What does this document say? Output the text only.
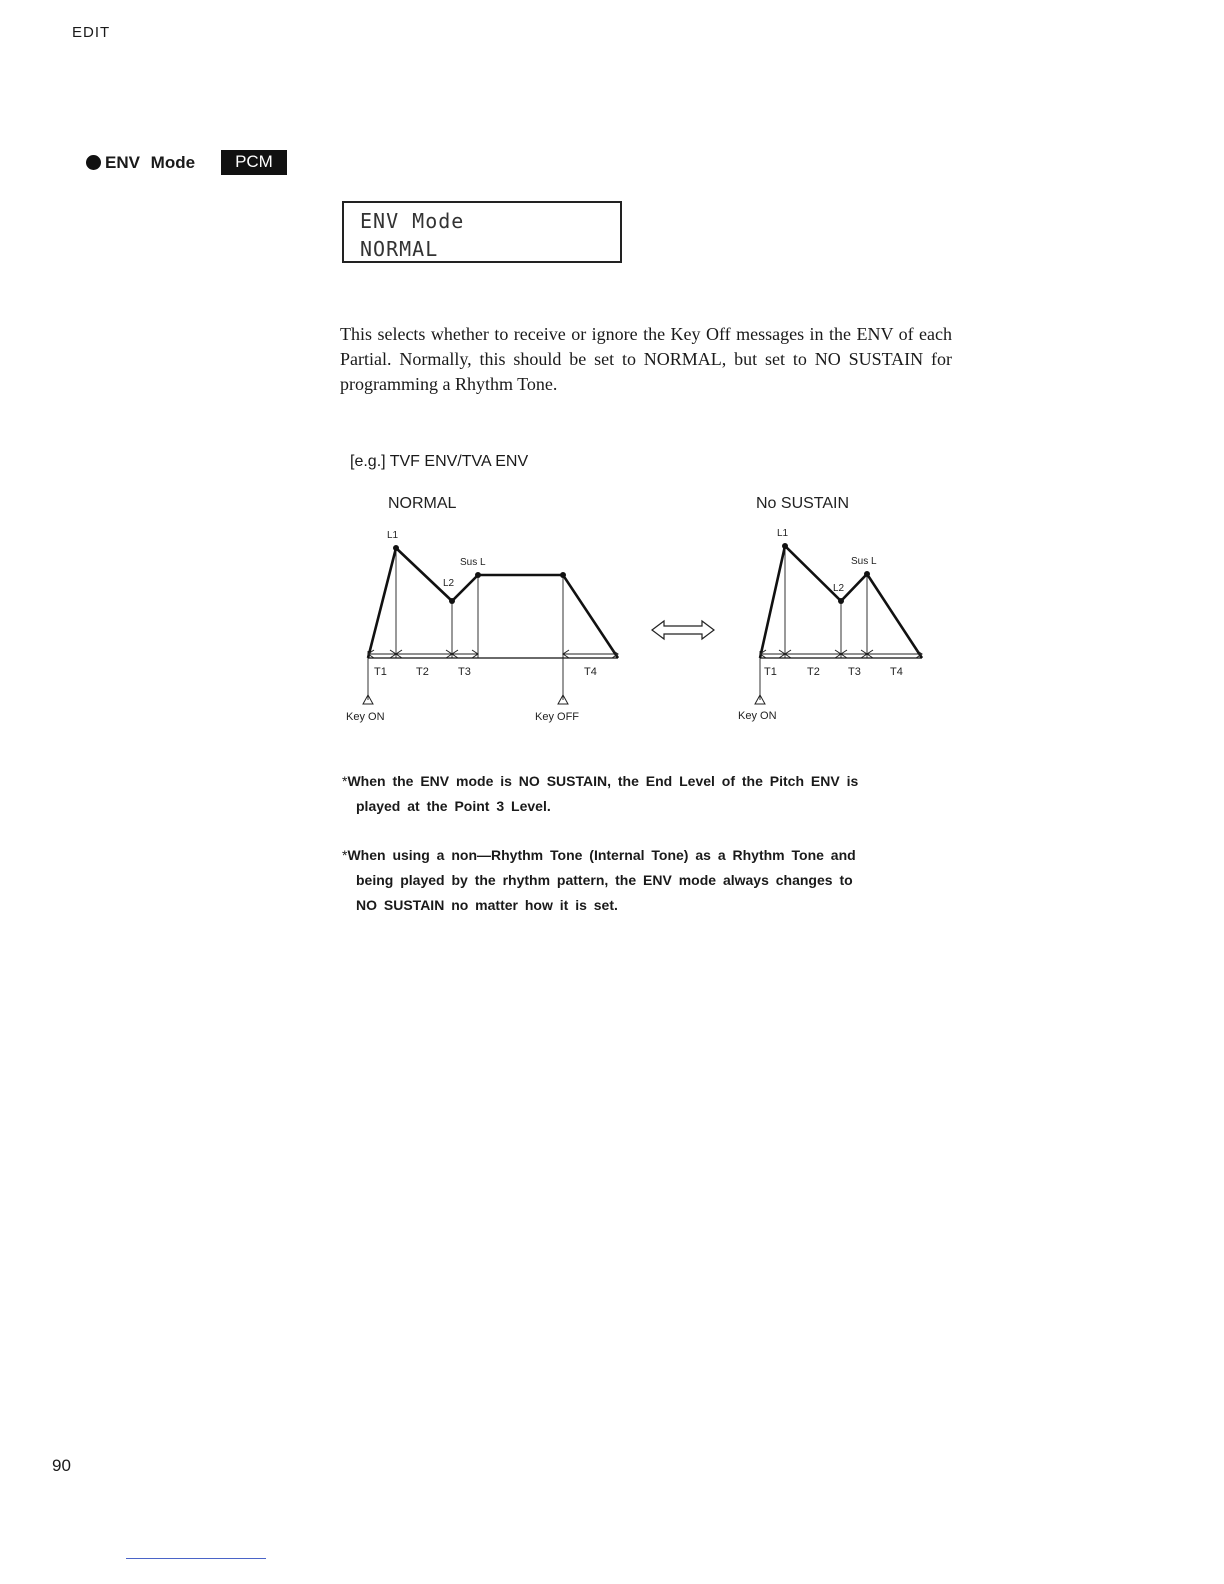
EDIT
ENV Mode	PCM
ENV Mode
NORMAL
This selects whether to receive or ignore the Key Off messages in the ENV of each Partial. Normally, this should be set to NORMAL, but set to NO SUSTAIN for programming a Rhythm Tone.
[e.g.] TVF ENV/TVA ENV
NORMAL
L1
Sus L
L2
T1	T2	T3	T4
Key ON	Key OFF
No SUSTAIN
L1
Sus L
L2
T1	T2	T3	T4
Key ON
*When the ENV mode is NO SUSTAIN, the End Level of the Pitch ENV is
played at the Point 3 Level.
*When using a non—Rhythm Tone (Internal Tone) as a Rhythm Tone and
being played by the rhythm pattern, the ENV mode always changes to
NO SUSTAIN no matter how it is set.
90
